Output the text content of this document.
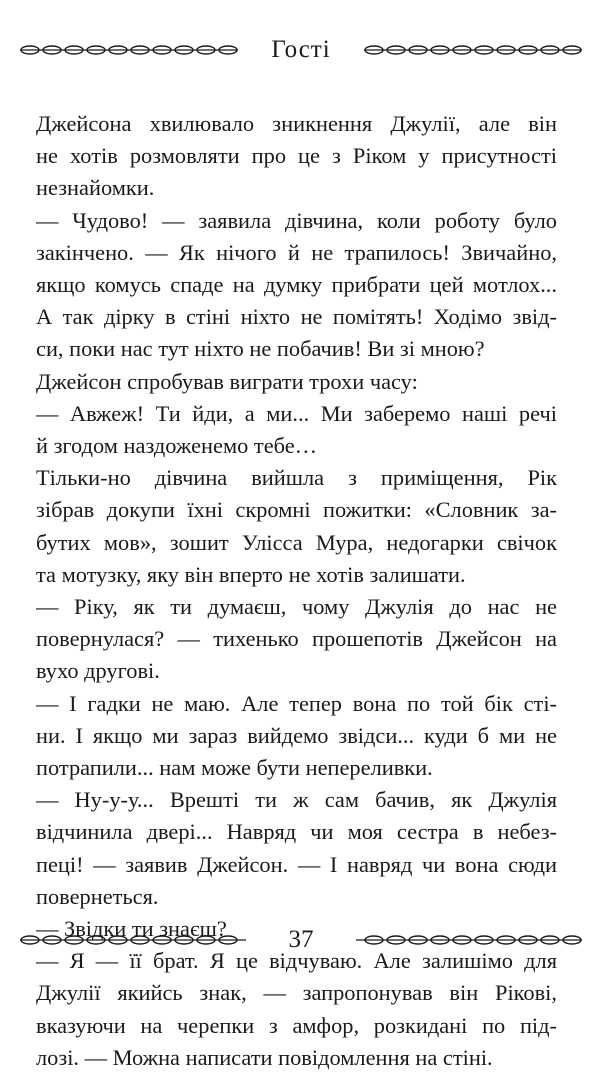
Гості

Джейсона хвилювало зникнення Джулії, але він
не хотів розмовляти про це з Ріком у присутності
незнайомки.

— Чудово! — заявила дівчина, коли роботу було
закінчено. — Як нічого й не трапилось! Звичайно,
якщо комусь спаде на думку прибрати цей мотлох...
А так дірку в стіні ніхто не помітять! Ходімо звід-
си, поки нас тут ніхто не побачив! Ви зі мною?

Джейсон спробував виграти трохи часу:

— Авжеж! Ти йди, а ми... Ми заберемо наші речі
й згодом наздоженемо тебе…

Тільки-но дівчина вийшла з приміщення, Рік
зібрав докупи їхні скромні пожитки: «Словник за-
бутих мов», зошит Улісса Мура, недогарки свічок
та мотузку, яку він вперто не хотів залишати.

— Ріку, як ти думаєш, чому Джулія до нас не
повернулася? — тихенько прошепотів Джейсон на
вухо другові.

— І гадки не маю. Але тепер вона по той бік сті-
ни. І якщо ми зараз вийдемо звідси... куди б ми не
потрапили... нам може бути непереливки.

— Ну-у-у... Врешті ти ж сам бачив, як Джулія
відчинила двері... Навряд чи моя сестра в небез-
пеці! — заявив Джейсон. — І навряд чи вона сюди
повернеться.

— Звідки ти знаєш?

— Я — її брат. Я це відчуваю. Але залишімо для
Джулії якийсь знак, — запропонував він Рікові,
вказуючи на черепки з амфор, розкидані по під-
лозі. — Можна написати повідомлення на стіні.

37
